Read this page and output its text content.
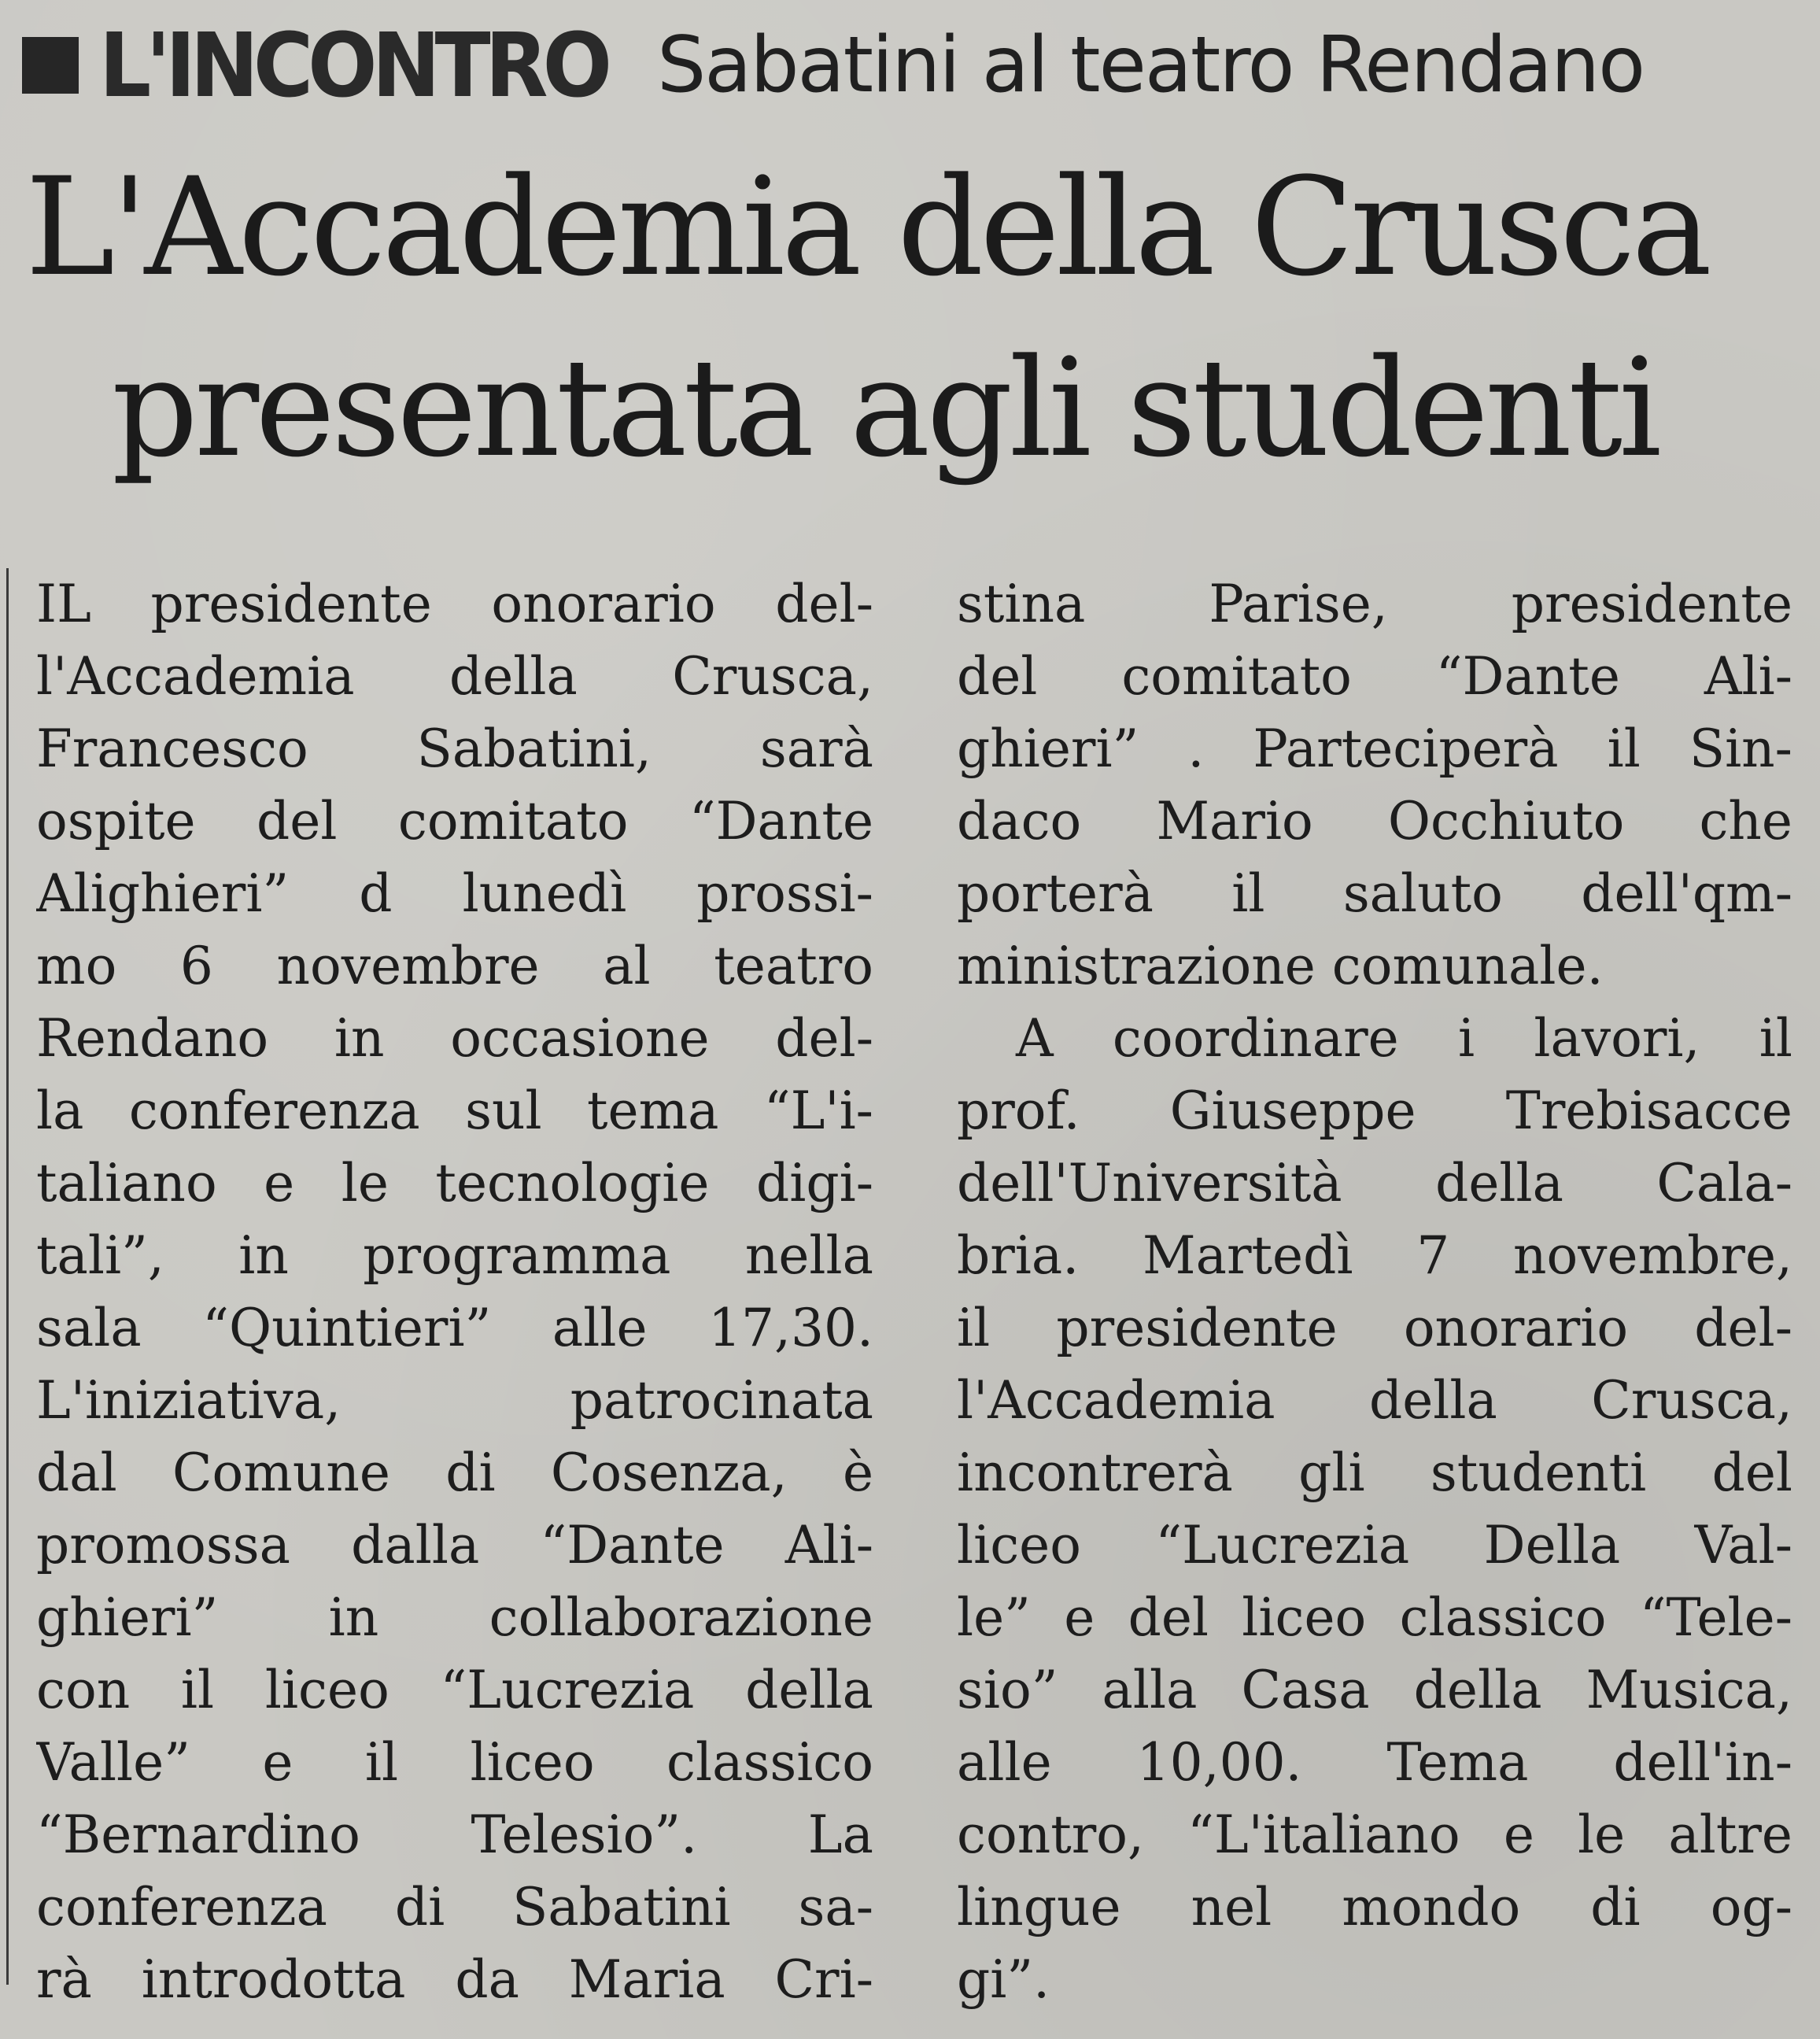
L'INCONTRO Sabatini al teatro Rendano
L'Accademia della Crusca
presentata agli studenti
IL presidente onorario del-
l'Accademia della Crusca,
Francesco Sabatini, sarà
ospite del comitato “Dante
Alighieri” d lunedì prossi-
mo 6 novembre al teatro
Rendano in occasione del-
la conferenza sul tema “L'i-
taliano e le tecnologie digi-
tali”, in programma nella
sala “Quintieri” alle 17,30.
L'iniziativa, patrocinata
dal Comune di Cosenza, è
promossa dalla “Dante Ali-
ghieri” in collaborazione
con il liceo “Lucrezia della
Valle” e il liceo classico
“Bernardino Telesio”. La
conferenza di Sabatini sa-
rà introdotta da Maria Cri-
stina Parise, presidente
del comitato “Dante Ali-
ghieri” . Parteciperà il Sin-
daco Mario Occhiuto che
porterà il saluto dell'qm-
ministrazione comunale.
A coordinare i lavori, il
prof. Giuseppe Trebisacce
dell'Università della Cala-
bria. Martedì 7 novembre,
il presidente onorario del-
l'Accademia della Crusca,
incontrerà gli studenti del
liceo “Lucrezia Della Val-
le” e del liceo classico “Tele-
sio” alla Casa della Musica,
alle 10,00. Tema dell'in-
contro, “L'italiano e le altre
lingue nel mondo di og-
gi”.
